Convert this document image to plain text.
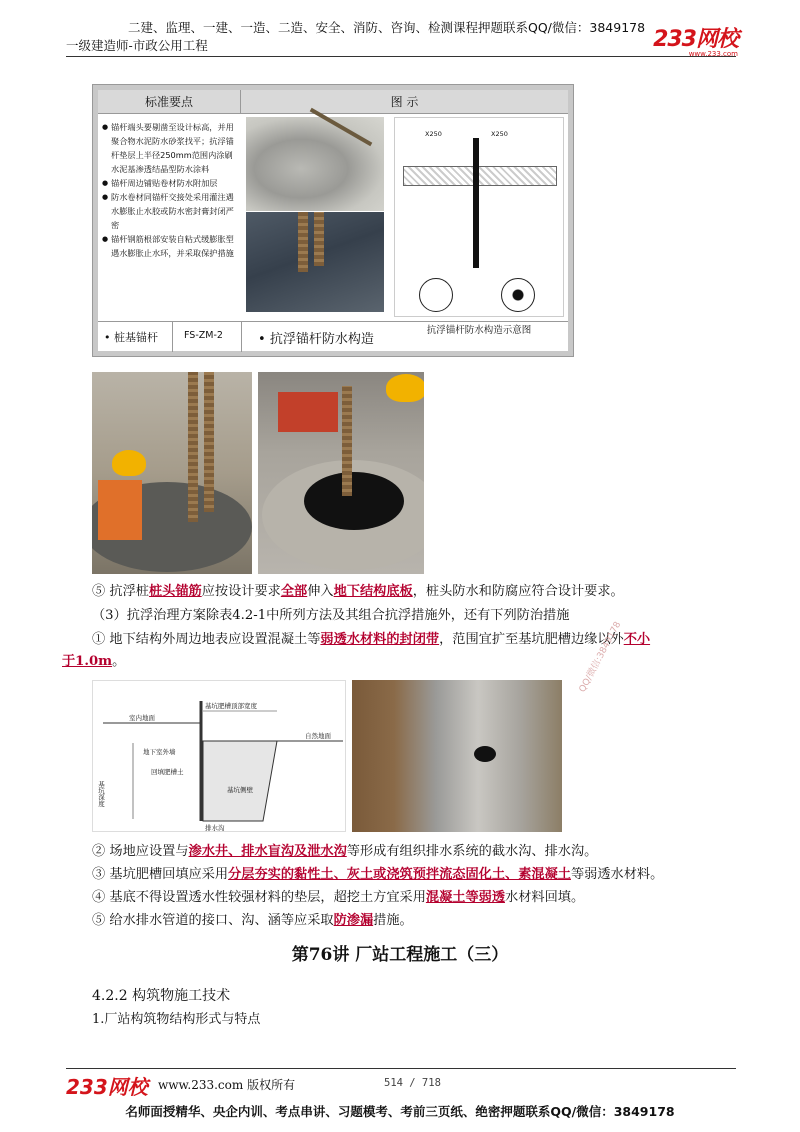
二建、监理、一建、一造、二造、安全、消防、咨询、检测课程押题联系QQ/微信：3849178
一级建造师-市政公用工程	233网校
www.233.com
标准要点	图 示
● 锚杆端头要剔凿至设计标高，并用聚合物水泥防水砂浆找平；抗浮锚杆垫层上半径250mm范围内涂刷水泥基渗透结晶型防水涂料
● 锚杆周边铺贴卷材防水附加层
● 防水卷材同锚杆交接处采用灌注遇水膨胀止水胶或防水密封膏封闭严密
● 锚杆钢筋根部安装自粘式缓膨胀型遇水膨胀止水环，并采取保护措施
X250	X250
抗浮锚杆防水构造示意图
• 桩基锚杆	FS-ZM-2	• 抗浮锚杆防水构造
⑤ 抗浮桩桩头锚筋应按设计要求全部伸入地下结构底板，桩头防水和防腐应符合设计要求。
（3）抗浮治理方案除表4.2-1中所列方法及其组合抗浮措施外，还有下列防治措施
① 地下结构外周边地表应设置混凝土等弱透水材料的封闭带，范围宜扩至基坑肥槽边缘以外不小
于1.0m。
室内地面
基坑肥槽顶部宽度
自然地面
地下室外墙
回填肥槽土
基坑侧壁
基坑深度
排水沟
QQ/微信:3849178
② 场地应设置与渗水井、排水盲沟及泄水沟等形成有组织排水系统的截水沟、排水沟。
③ 基坑肥槽回填应采用分层夯实的黏性土、灰土或浇筑预拌流态固化土、素混凝土等弱透水材料。
④ 基底不得设置透水性较强材料的垫层，超挖土方宜采用混凝土等弱透水材料回填。
⑤ 给水排水管道的接口、沟、涵等应采取防渗漏措施。
第76讲 厂站工程施工（三）
4.2.2 构筑物施工技术
1.厂站构筑物结构形式与特点
233网校 www.233.com 版权所有	514 / 718
名师面授精华、央企内训、考点串讲、习题模考、考前三页纸、绝密押题联系QQ/微信：3849178
